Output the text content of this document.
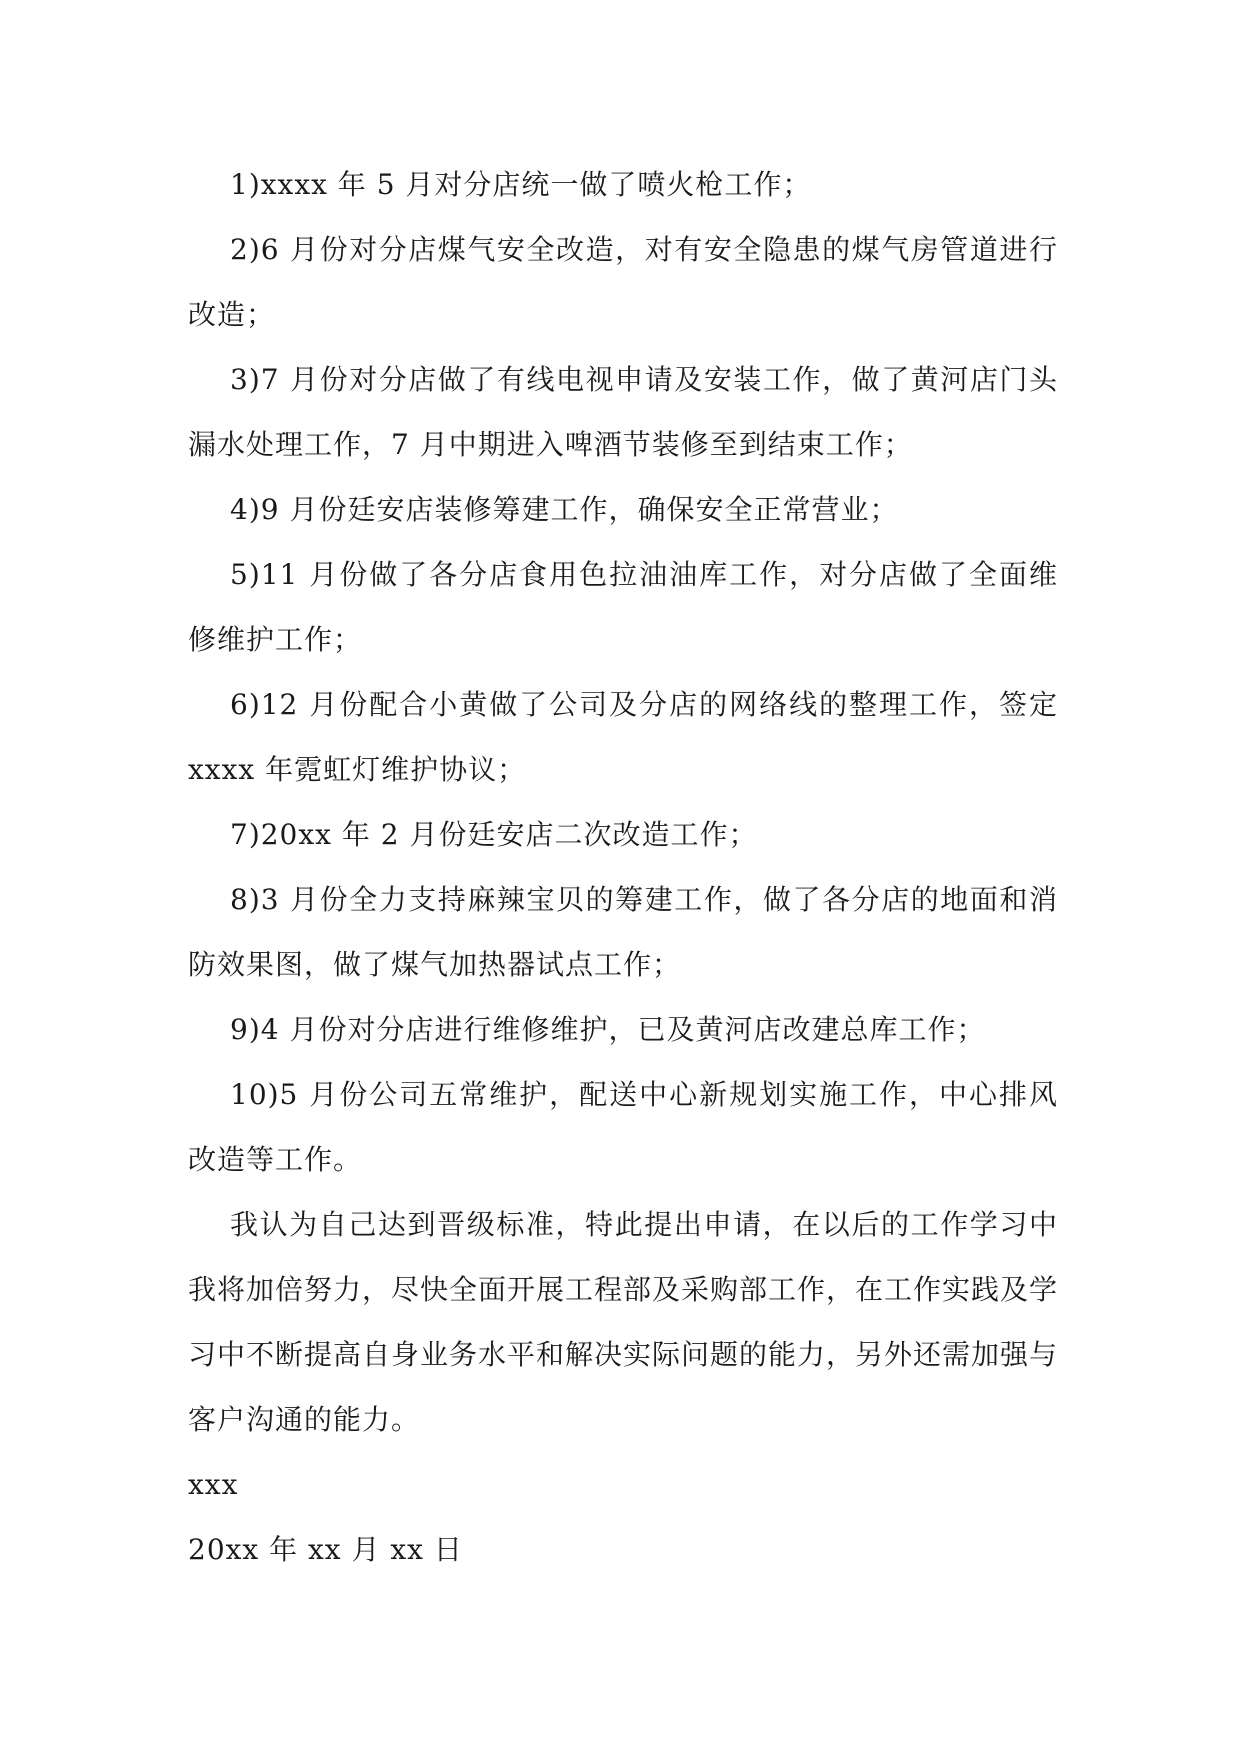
1)xxxx 年 5 月对分店统一做了喷火枪工作；

2)6 月份对分店煤气安全改造，对有安全隐患的煤气房管道进行改造；

3)7 月份对分店做了有线电视申请及安装工作，做了黄河店门头漏水处理工作，7 月中期进入啤酒节装修至到结束工作；

4)9 月份廷安店装修筹建工作，确保安全正常营业；

5)11 月份做了各分店食用色拉油油库工作，对分店做了全面维修维护工作；

6)12 月份配合小黄做了公司及分店的网络线的整理工作，签定 xxxx 年霓虹灯维护协议；

7)20xx 年 2 月份廷安店二次改造工作；

8)3 月份全力支持麻辣宝贝的筹建工作，做了各分店的地面和消防效果图，做了煤气加热器试点工作；

9)4 月份对分店进行维修维护，已及黄河店改建总库工作；

10)5 月份公司五常维护，配送中心新规划实施工作，中心排风改造等工作。

我认为自己达到晋级标准，特此提出申请，在以后的工作学习中我将加倍努力，尽快全面开展工程部及采购部工作，在工作实践及学习中不断提高自身业务水平和解决实际问题的能力，另外还需加强与客户沟通的能力。

xxx

20xx 年 xx 月 xx 日
